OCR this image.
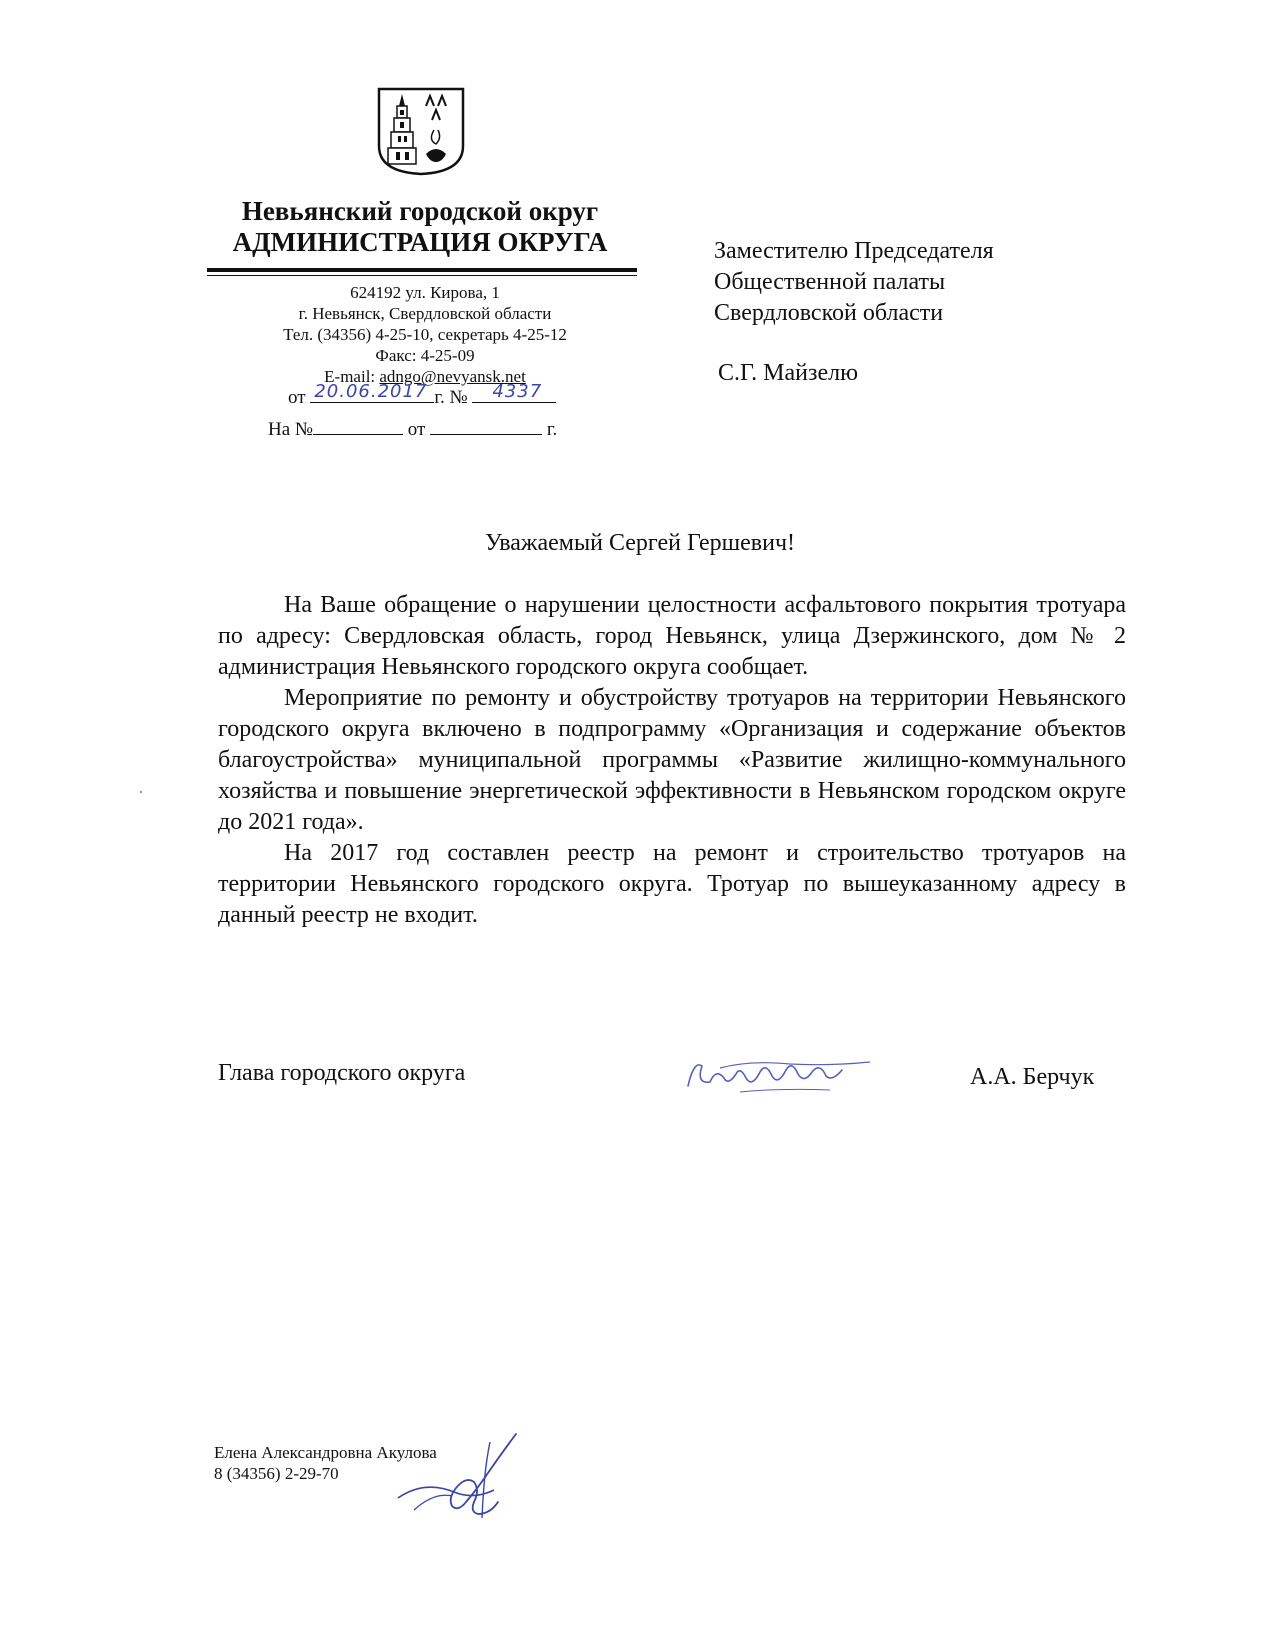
Невьянский городской округ
АДМИНИСТРАЦИЯ ОКРУГА
624192 ул. Кирова, 1
г. Невьянск, Свердловской области
Тел. (34356) 4-25-10, секретарь 4-25-12
Факс: 4-25-09
E-mail: adngo@nevyansk.net
от 20.06.2017 г. № 4337
На №	от	г.
Заместителю Председателя
Общественной палаты
Свердловской области
С.Г. Майзелю
Уважаемый Сергей Гершевич!

На Ваше обращение о нарушении целостности асфальтового покрытия тротуара по адресу: Свердловская область, город Невьянск, улица Дзержинского, дом № 2 администрация Невьянского городского округа сообщает.

Мероприятие по ремонту и обустройству тротуаров на территории Невьянского городского округа включено в подпрограмму «Организация и содержание объектов благоустройства» муниципальной программы «Развитие жилищно-коммунального хозяйства и повышение энергетической эффективности в Невьянском городском округе до 2021 года».

На 2017 год составлен реестр на ремонт и строительство тротуаров на территории Невьянского городского округа. Тротуар по вышеуказанному адресу в данный реестр не входит.

Глава городского округа	А.А. Берчук
Елена Александровна Акулова
8 (34356) 2-29-70
